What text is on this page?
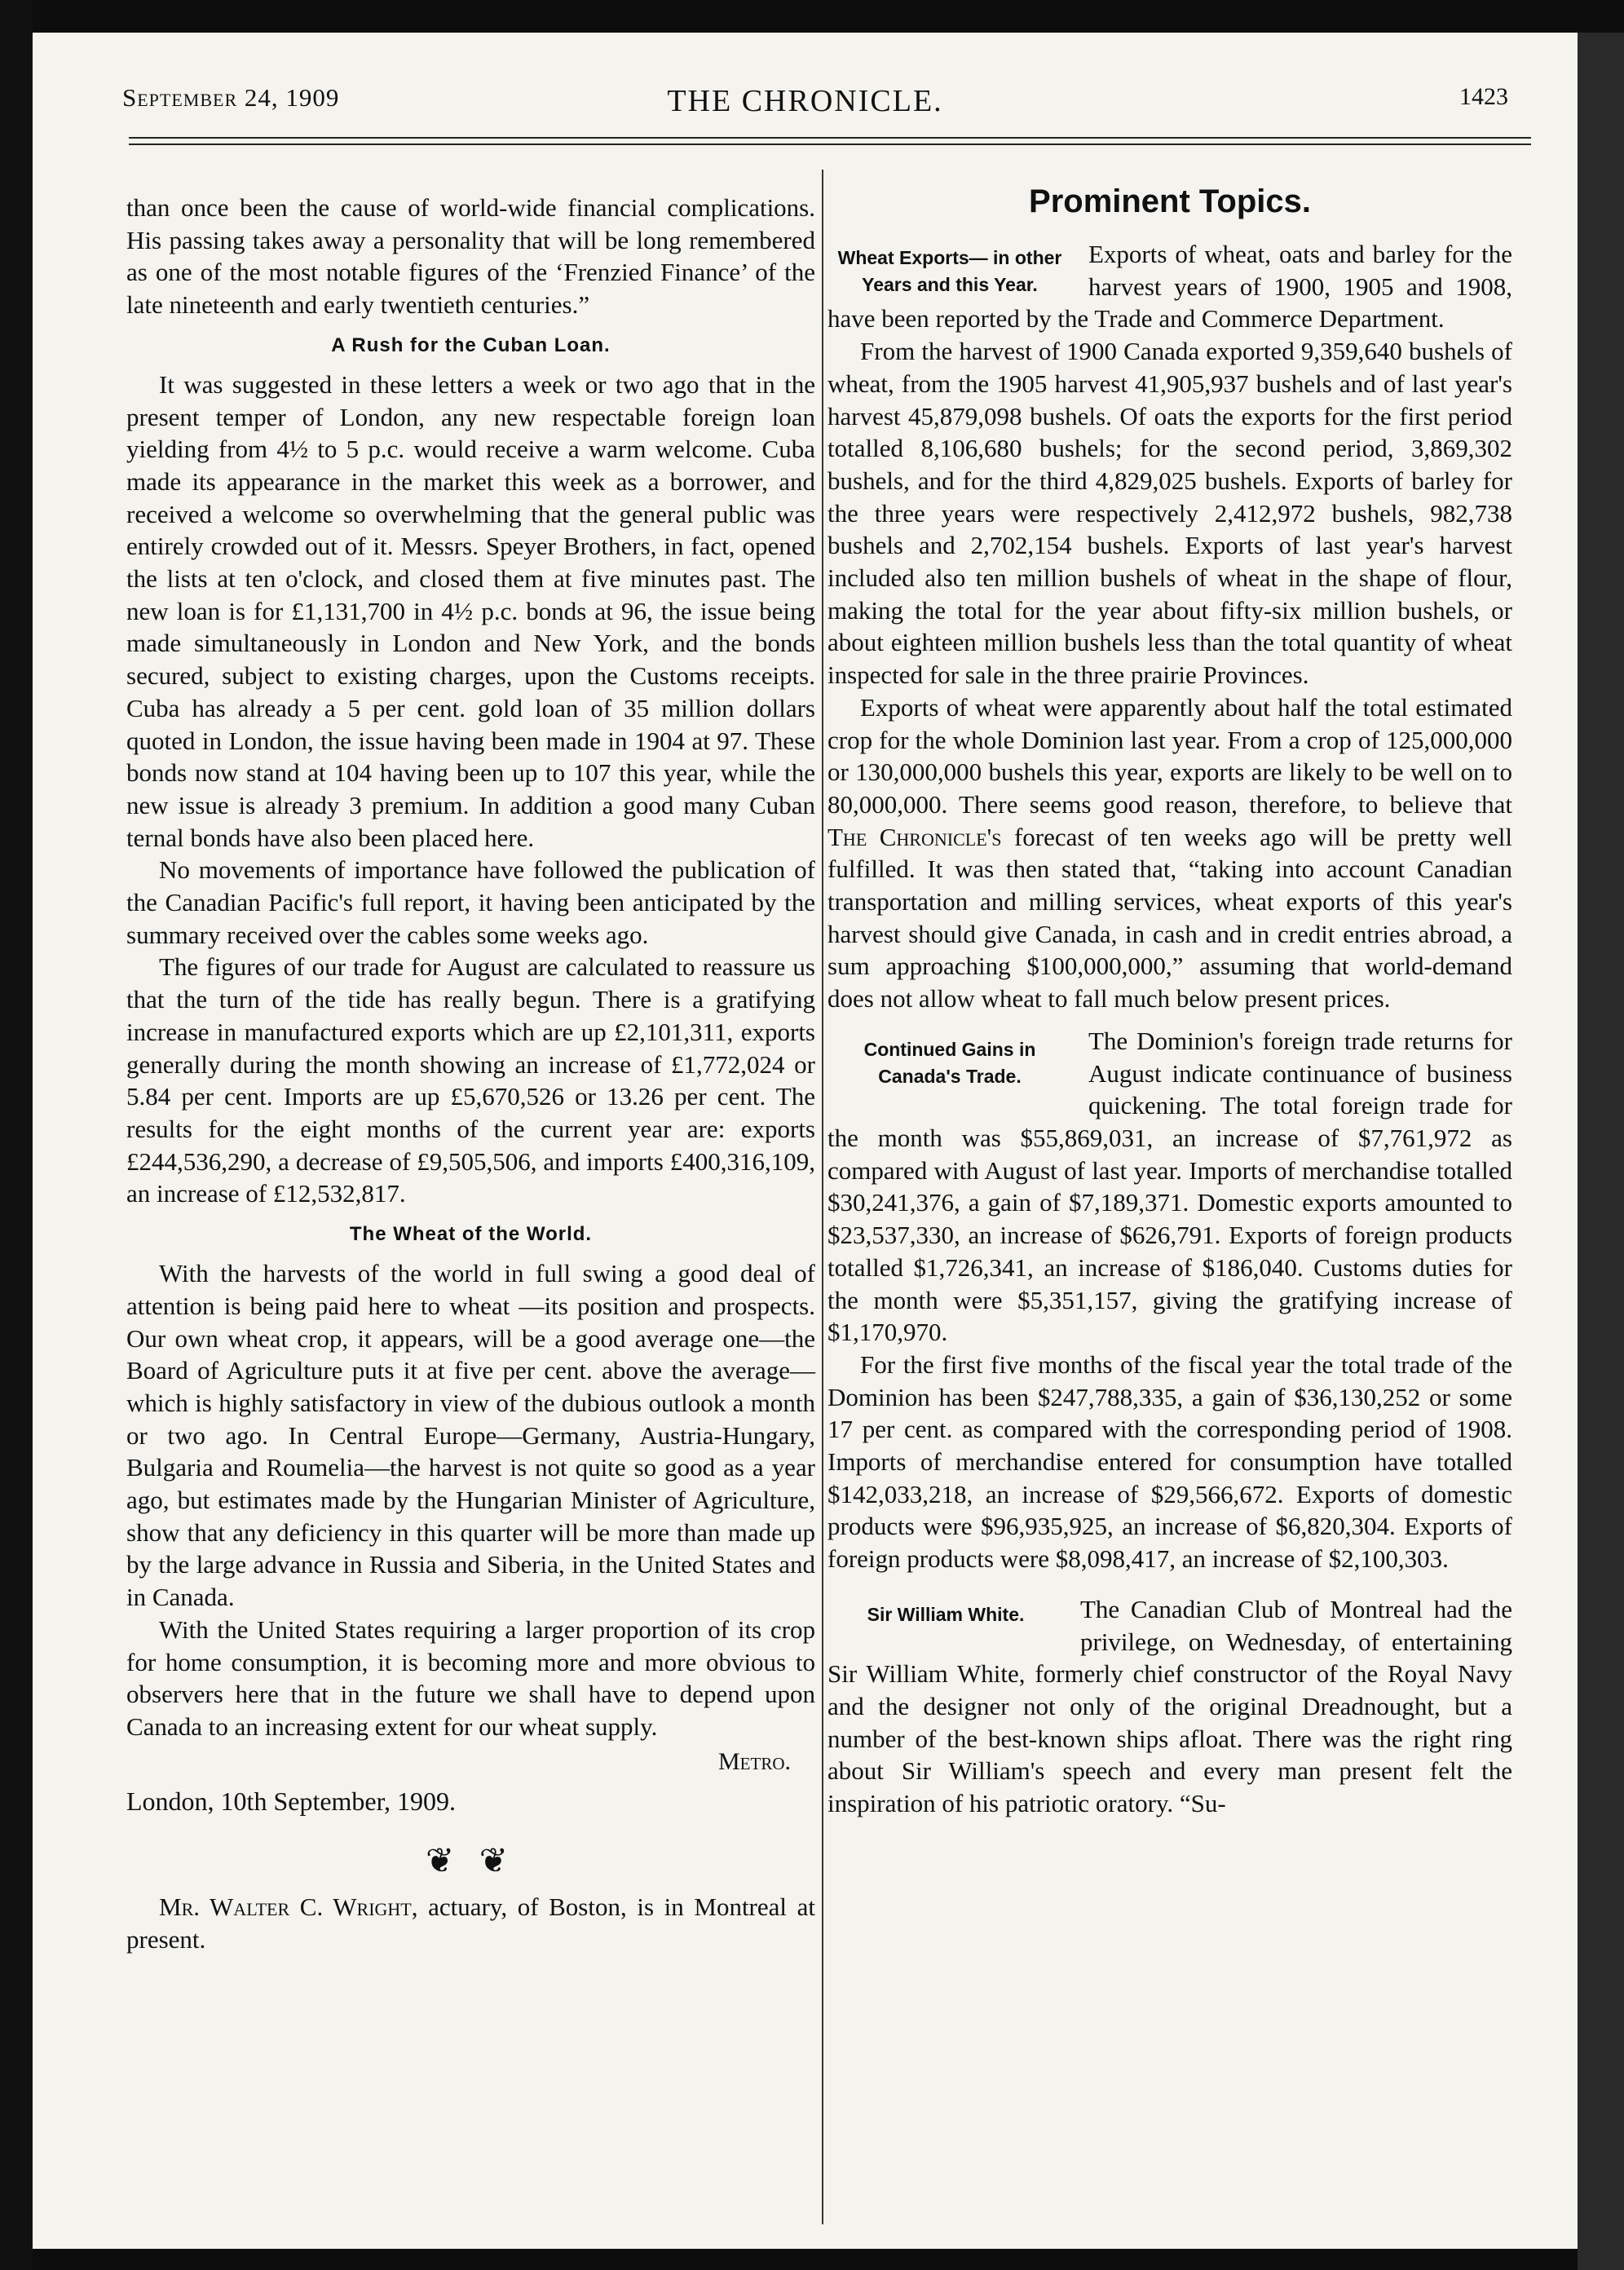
September 24, 1909	THE CHRONICLE.	1423

than once been the cause of world-wide financial complications. His passing takes away a personality that will be long remembered as one of the most notable figures of the ‘Frenzied Finance’ of the late nineteenth and early twentieth centuries.”

A Rush for the Cuban Loan.

It was suggested in these letters a week or two ago that in the present temper of London, any new respectable foreign loan yielding from 4½ to 5 p.c. would receive a warm welcome. Cuba made its appearance in the market this week as a borrower, and received a welcome so overwhelming that the general public was entirely crowded out of it. Messrs. Speyer Brothers, in fact, opened the lists at ten o'clock, and closed them at five minutes past. The new loan is for £1,131,700 in 4½ p.c. bonds at 96, the issue being made simultaneously in London and New York, and the bonds secured, subject to existing charges, upon the Customs receipts. Cuba has already a 5 per cent. gold loan of 35 million dollars quoted in London, the issue having been made in 1904 at 97. These bonds now stand at 104 having been up to 107 this year, while the new issue is already 3 premium. In addition a good many Cuban ternal bonds have also been placed here.

No movements of importance have followed the publication of the Canadian Pacific's full report, it having been anticipated by the summary received over the cables some weeks ago.

The figures of our trade for August are calculated to reassure us that the turn of the tide has really begun. There is a gratifying increase in manufactured exports which are up £2,101,311, exports generally during the month showing an increase of £1,772,024 or 5.84 per cent. Imports are up £5,670,526 or 13.26 per cent. The results for the eight months of the current year are: exports £244,536,290, a decrease of £9,505,506, and imports £400,316,109, an increase of £12,532,817.

The Wheat of the World.

With the harvests of the world in full swing a good deal of attention is being paid here to wheat —its position and prospects. Our own wheat crop, it appears, will be a good average one—the Board of Agriculture puts it at five per cent. above the average—which is highly satisfactory in view of the dubious outlook a month or two ago. In Central Europe—Germany, Austria-Hungary, Bulgaria and Roumelia—the harvest is not quite so good as a year ago, but estimates made by the Hungarian Minister of Agriculture, show that any deficiency in this quarter will be more than made up by the large advance in Russia and Siberia, in the United States and in Canada.

With the United States requiring a larger proportion of its crop for home consumption, it is becoming more and more obvious to observers here that in the future we shall have to depend upon Canada to an increasing extent for our wheat supply.

Metro.

London, 10th September, 1909.

❦ ❦

Mr. Walter C. Wright, actuary, of Boston, is in Montreal at present.

Prominent Topics.
Wheat Exports— in other Years and this Year.

Exports of wheat, oats and barley for the harvest years of 1900, 1905 and 1908, have been reported by the Trade and Commerce Department.

From the harvest of 1900 Canada exported 9,359,640 bushels of wheat, from the 1905 harvest 41,905,937 bushels and of last year's harvest 45,879,098 bushels. Of oats the exports for the first period totalled 8,106,680 bushels; for the second period, 3,869,302 bushels, and for the third 4,829,025 bushels. Exports of barley for the three years were respectively 2,412,972 bushels, 982,738 bushels and 2,702,154 bushels. Exports of last year's harvest included also ten million bushels of wheat in the shape of flour, making the total for the year about fifty-six million bushels, or about eighteen million bushels less than the total quantity of wheat inspected for sale in the three prairie Provinces.

Exports of wheat were apparently about half the total estimated crop for the whole Dominion last year. From a crop of 125,000,000 or 130,000,000 bushels this year, exports are likely to be well on to 80,000,000. There seems good reason, therefore, to believe that The Chronicle's forecast of ten weeks ago will be pretty well fulfilled. It was then stated that, “taking into account Canadian transportation and milling services, wheat exports of this year's harvest should give Canada, in cash and in credit entries abroad, a sum approaching $100,000,000,” assuming that world-demand does not allow wheat to fall much below present prices.

Continued Gains in Canada's Trade.

The Dominion's foreign trade returns for August indicate continuance of business quickening. The total foreign trade for the month was $55,869,031, an increase of $7,761,972 as compared with August of last year. Imports of merchandise totalled $30,241,376, a gain of $7,189,371. Domestic exports amounted to $23,537,330, an increase of $626,791. Exports of foreign products totalled $1,726,341, an increase of $186,040. Customs duties for the month were $5,351,157, giving the gratifying increase of $1,170,970.

For the first five months of the fiscal year the total trade of the Dominion has been $247,788,335, a gain of $36,130,252 or some 17 per cent. as compared with the corresponding period of 1908. Imports of merchandise entered for consumption have totalled $142,033,218, an increase of $29,566,672. Exports of domestic products were $96,935,925, an increase of $6,820,304. Exports of foreign products were $8,098,417, an increase of $2,100,303.

Sir William White.	The Canadian Club of Montreal had the privilege, on Wednesday, of entertaining Sir William White, formerly chief constructor of the Royal Navy and the designer not only of the original Dreadnought, but a number of the best-known ships afloat. There was the right ring about Sir William's speech and every man present felt the inspiration of his patriotic oratory. “Su-
